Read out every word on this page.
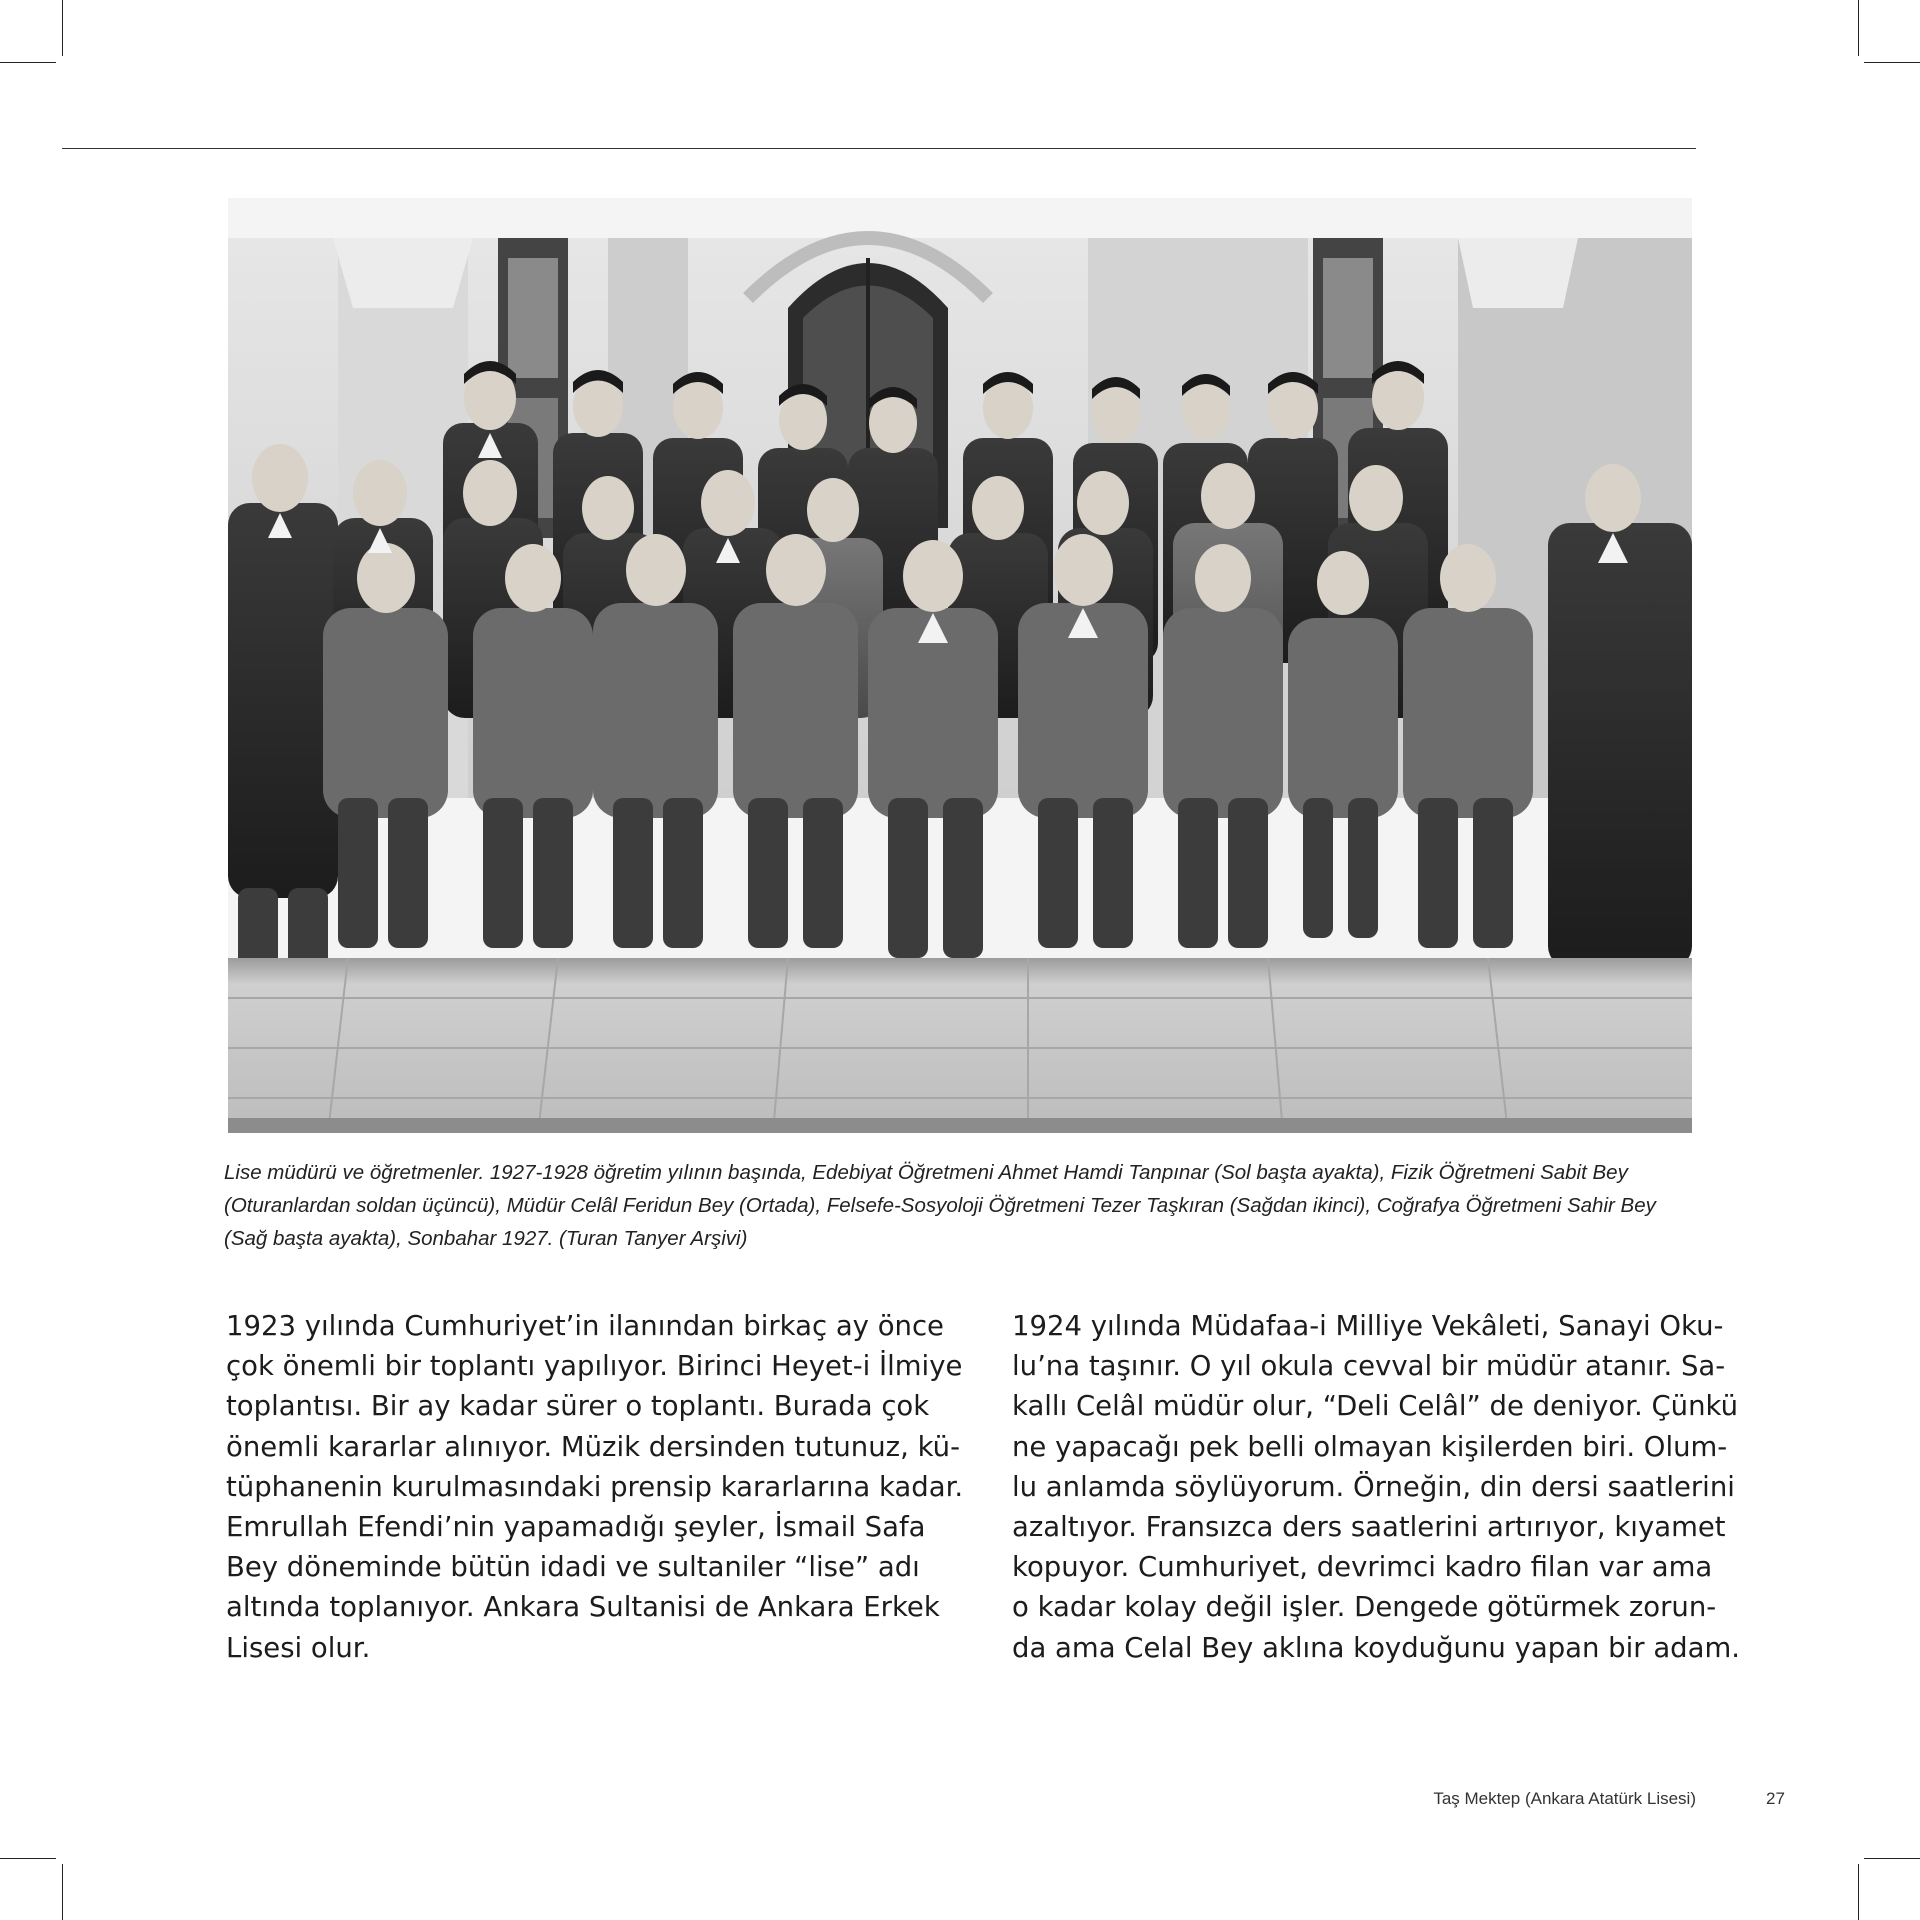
Lise müdürü ve öğretmenler. 1927-1928 öğretim yılının başında, Edebiyat Öğretmeni Ahmet Hamdi Tanpınar (Sol başta ayakta), Fizik Öğretmeni Sabit Bey (Oturanlardan soldan üçüncü), Müdür Celâl Feridun Bey (Ortada), Felsefe-Sosyoloji Öğretmeni Tezer Taşkıran (Sağdan ikinci), Coğrafya Öğretmeni Sahir Bey (Sağ başta ayakta), Sonbahar 1927. (Turan Tanyer Arşivi)
1923 yılında Cumhuriyet’in ilanından birkaç ay önce
çok önemli bir toplantı yapılıyor. Birinci Heyet-i İlmiye
toplantısı. Bir ay kadar sürer o toplantı. Burada çok
önemli kararlar alınıyor. Müzik dersinden tutunuz, kü-
tüphanenin kurulmasındaki prensip kararlarına kadar.
Emrullah Efendi’nin yapamadığı şeyler, İsmail Safa
Bey döneminde bütün idadi ve sultaniler “lise” adı
altında toplanıyor. Ankara Sultanisi de Ankara Erkek
Lisesi olur.
1924 yılında Müdafaa-i Milliye Vekâleti, Sanayi Oku-
lu’na taşınır. O yıl okula cevval bir müdür atanır. Sa-
kallı Celâl müdür olur, “Deli Celâl” de deniyor. Çünkü
ne yapacağı pek belli olmayan kişilerden biri. Olum-
lu anlamda söylüyorum. Örneğin, din dersi saatlerini
azaltıyor. Fransızca ders saatlerini artırıyor, kıyamet
kopuyor. Cumhuriyet, devrimci kadro filan var ama
o kadar kolay değil işler. Dengede götürmek zorun-
da ama Celal Bey aklına koyduğunu yapan bir adam.
Taş Mektep (Ankara Atatürk Lisesi)	27
